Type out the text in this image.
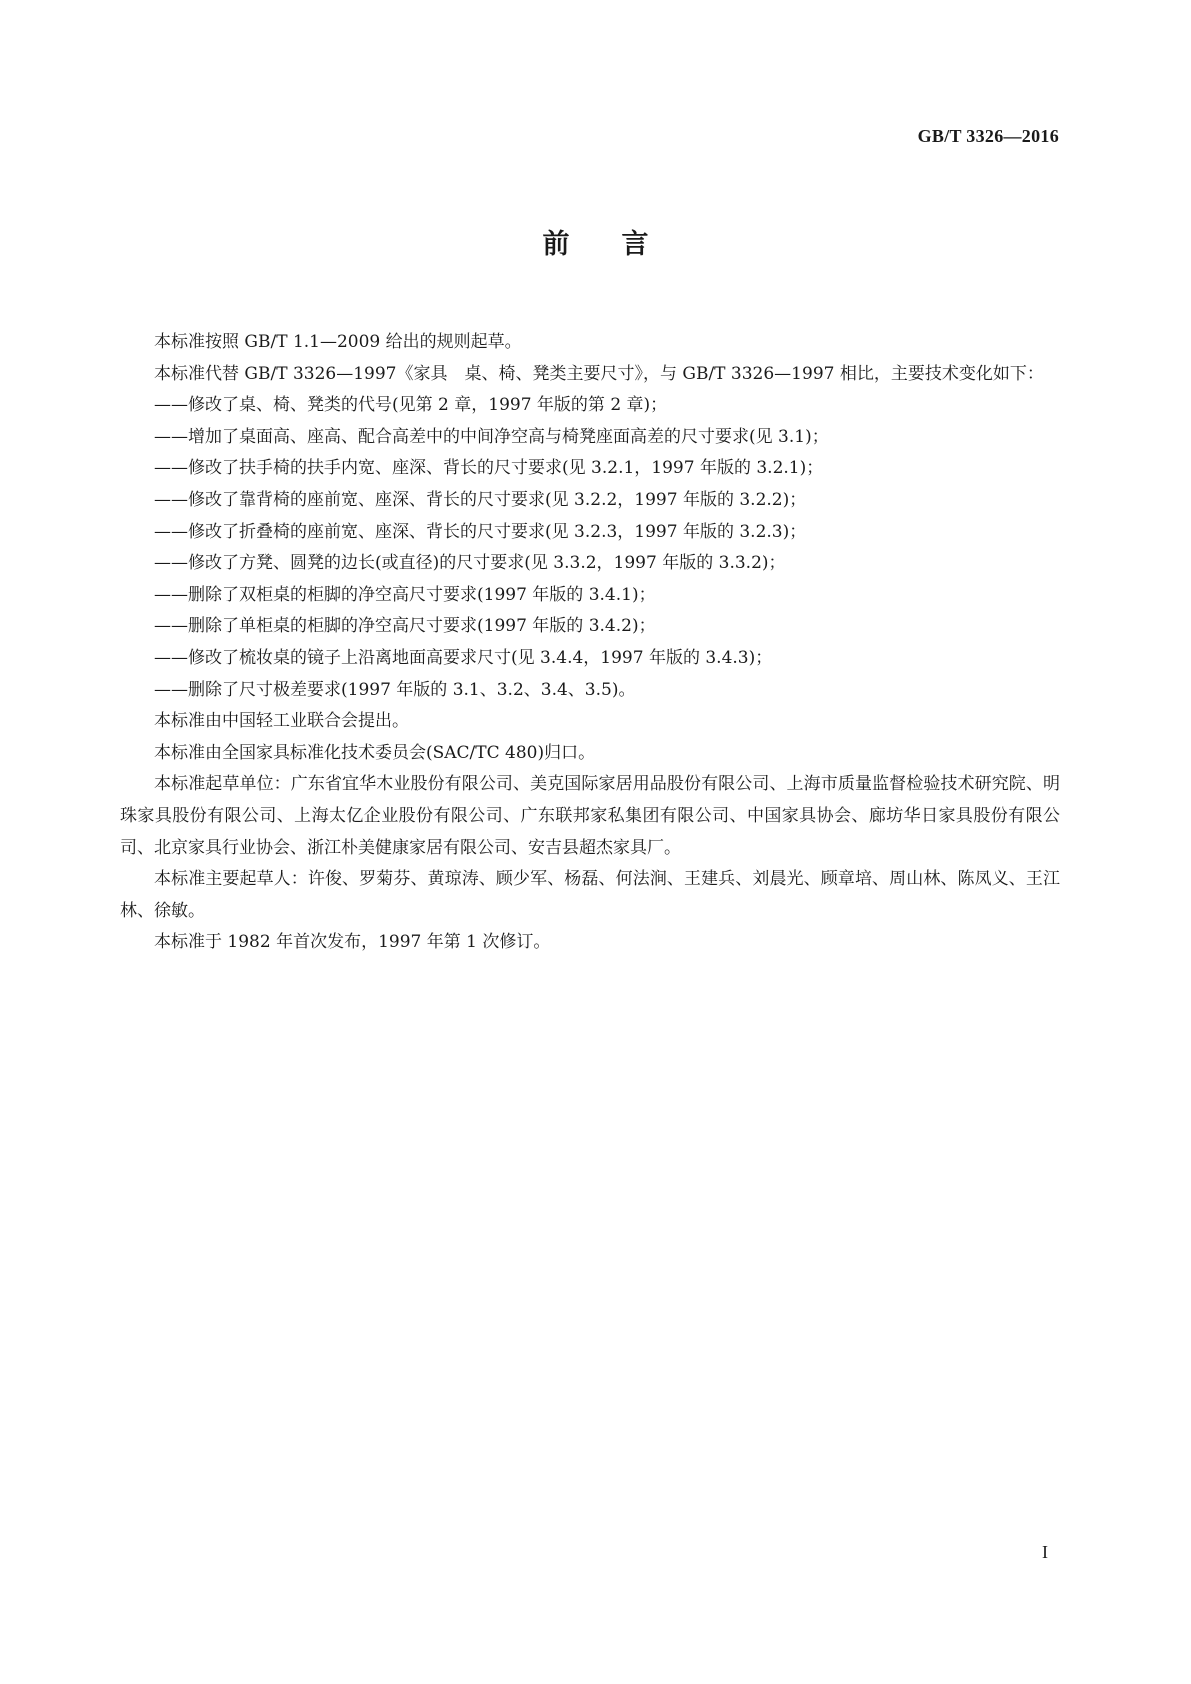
GB/T 3326—2016
前言

本标准按照 GB/T 1.1—2009 给出的规则起草。

本标准代替 GB/T 3326—1997《家具　桌、椅、凳类主要尺寸》，与 GB/T 3326—1997 相比，主要技术变化如下：

——修改了桌、椅、凳类的代号(见第 2 章，1997 年版的第 2 章)；
——增加了桌面高、座高、配合高差中的中间净空高与椅凳座面高差的尺寸要求(见 3.1)；
——修改了扶手椅的扶手内宽、座深、背长的尺寸要求(见 3.2.1，1997 年版的 3.2.1)；
——修改了靠背椅的座前宽、座深、背长的尺寸要求(见 3.2.2，1997 年版的 3.2.2)；
——修改了折叠椅的座前宽、座深、背长的尺寸要求(见 3.2.3，1997 年版的 3.2.3)；
——修改了方凳、圆凳的边长(或直径)的尺寸要求(见 3.3.2，1997 年版的 3.3.2)；
——删除了双柜桌的柜脚的净空高尺寸要求(1997 年版的 3.4.1)；
——删除了单柜桌的柜脚的净空高尺寸要求(1997 年版的 3.4.2)；
——修改了梳妆桌的镜子上沿离地面高要求尺寸(见 3.4.4，1997 年版的 3.4.3)；
——删除了尺寸极差要求(1997 年版的 3.1、3.2、3.4、3.5)。

本标准由中国轻工业联合会提出。

本标准由全国家具标准化技术委员会(SAC/TC 480)归口。

本标准起草单位：广东省宜华木业股份有限公司、美克国际家居用品股份有限公司、上海市质量监督检验技术研究院、明珠家具股份有限公司、上海太亿企业股份有限公司、广东联邦家私集团有限公司、中国家具协会、廊坊华日家具股份有限公司、北京家具行业协会、浙江朴美健康家居有限公司、安吉县超杰家具厂。

本标准主要起草人：许俊、罗菊芬、黄琼涛、顾少军、杨磊、何法涧、王建兵、刘晨光、顾章培、周山林、陈凤义、王江林、徐敏。

本标准于 1982 年首次发布，1997 年第 1 次修订。

I
